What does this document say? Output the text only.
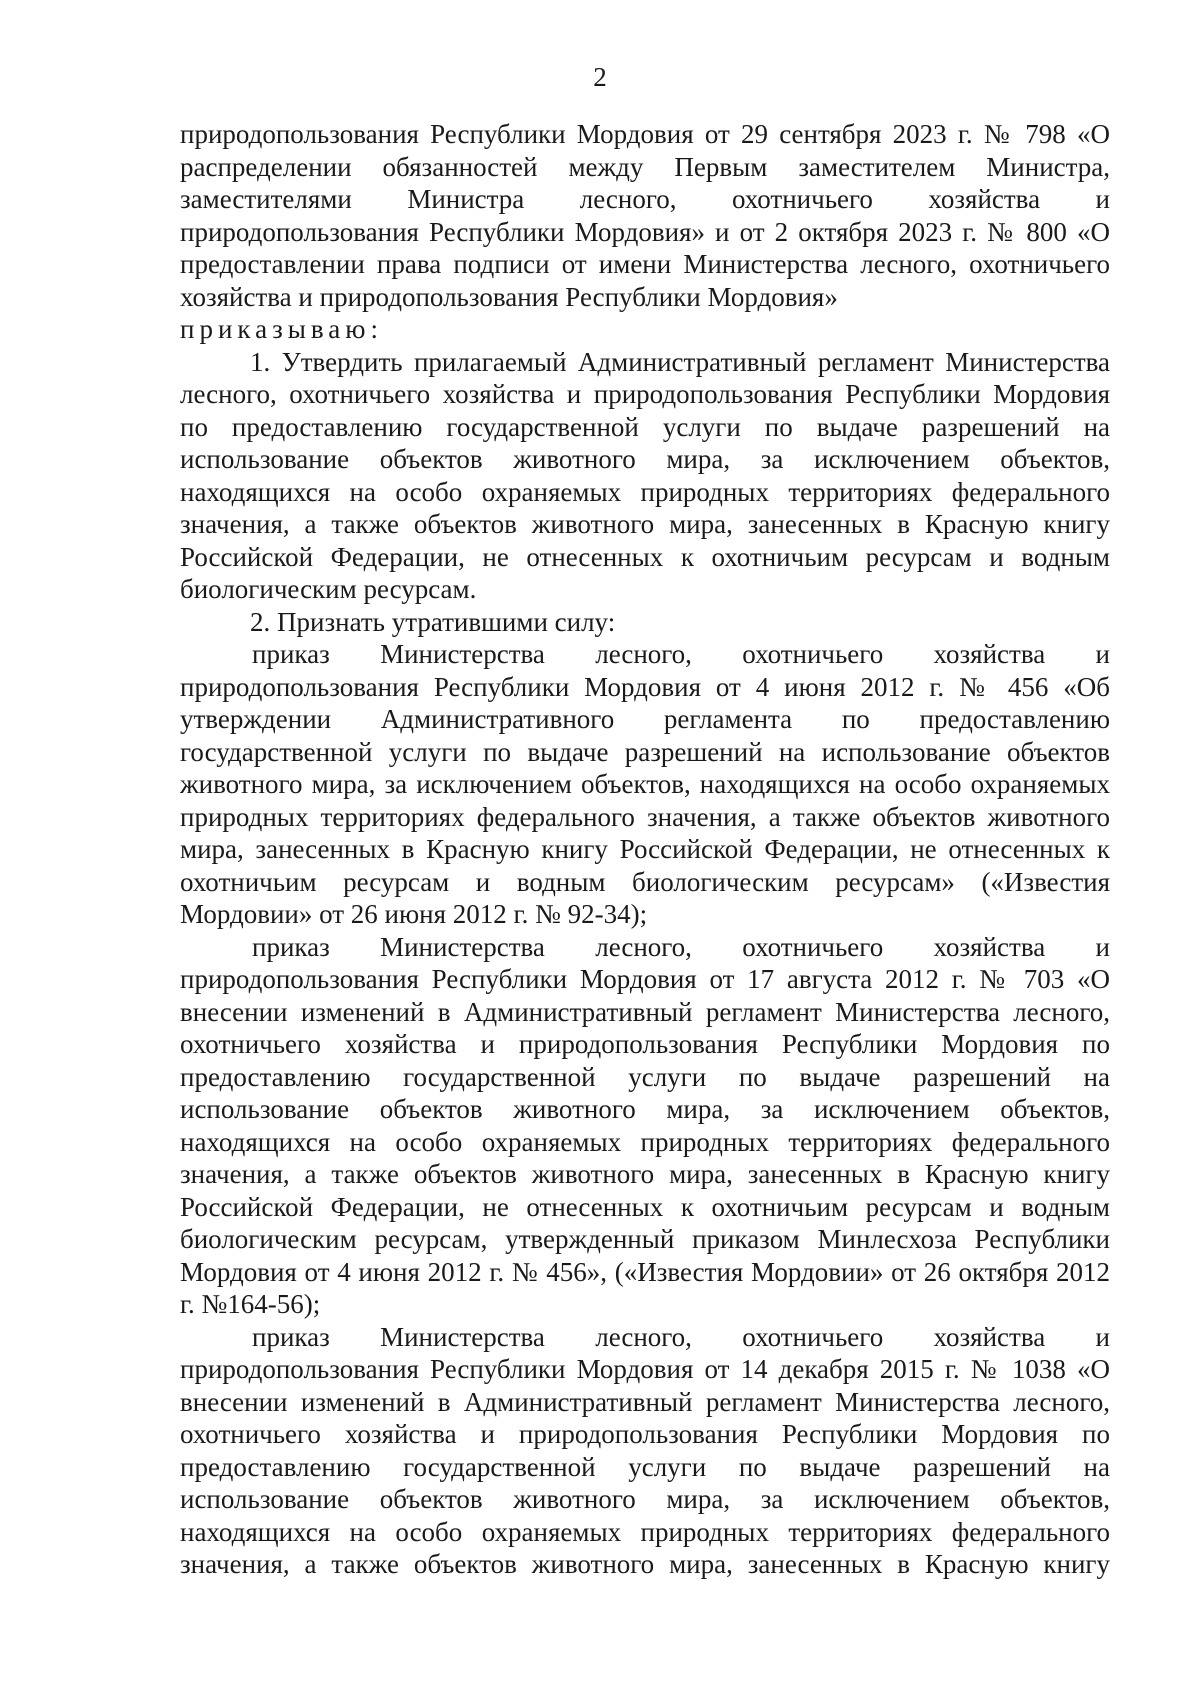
2

природопользования Республики Мордовия от 29 сентября 2023 г. № 798 «О распределении обязанностей между Первым заместителем Министра, заместителями Министра лесного, охотничьего хозяйства и природопользования Республики Мордовия» и от 2 октября 2023 г. № 800 «О предоставлении права подписи от имени Министерства лесного, охотничьего хозяйства и природопользования Республики Мордовия»

приказываю:

1. Утвердить прилагаемый Административный регламент Министерства лесного, охотничьего хозяйства и природопользования Республики Мордовия по предоставлению государственной услуги по выдаче разрешений на использование объектов животного мира, за исключением объектов, находящихся на особо охраняемых природных территориях федерального значения, а также объектов животного мира, занесенных в Красную книгу Российской Федерации, не отнесенных к охотничьим ресурсам и водным биологическим ресурсам.

2. Признать утратившими силу:

приказ Министерства лесного, охотничьего хозяйства и природопользования Республики Мордовия от 4 июня 2012 г. № 456 «Об утверждении Административного регламента по предоставлению государственной услуги по выдаче разрешений на использование объектов животного мира, за исключением объектов, находящихся на особо охраняемых природных территориях федерального значения, а также объектов животного мира, занесенных в Красную книгу Российской Федерации, не отнесенных к охотничьим ресурсам и водным биологическим ресурсам» («Известия Мордовии» от 26 июня 2012 г. № 92-34);

приказ Министерства лесного, охотничьего хозяйства и природопользования Республики Мордовия от 17 августа 2012 г. № 703 «О внесении изменений в Административный регламент Министерства лесного, охотничьего хозяйства и природопользования Республики Мордовия по предоставлению государственной услуги по выдаче разрешений на использование объектов животного мира, за исключением объектов, находящихся на особо охраняемых природных территориях федерального значения, а также объектов животного мира, занесенных в Красную книгу Российской Федерации, не отнесенных к охотничьим ресурсам и водным биологическим ресурсам, утвержденный приказом Минлесхоза Республики Мордовия от 4 июня 2012 г. № 456», («Известия Мордовии» от 26 октября 2012 г. №164-56);

приказ Министерства лесного, охотничьего хозяйства и природопользования Республики Мордовия от 14 декабря 2015 г. № 1038 «О внесении изменений в Административный регламент Министерства лесного, охотничьего хозяйства и природопользования Республики Мордовия по предоставлению государственной услуги по выдаче разрешений на использование объектов животного мира, за исключением объектов, находящихся на особо охраняемых природных территориях федерального значения, а также объектов животного мира, занесенных в Красную книгу
